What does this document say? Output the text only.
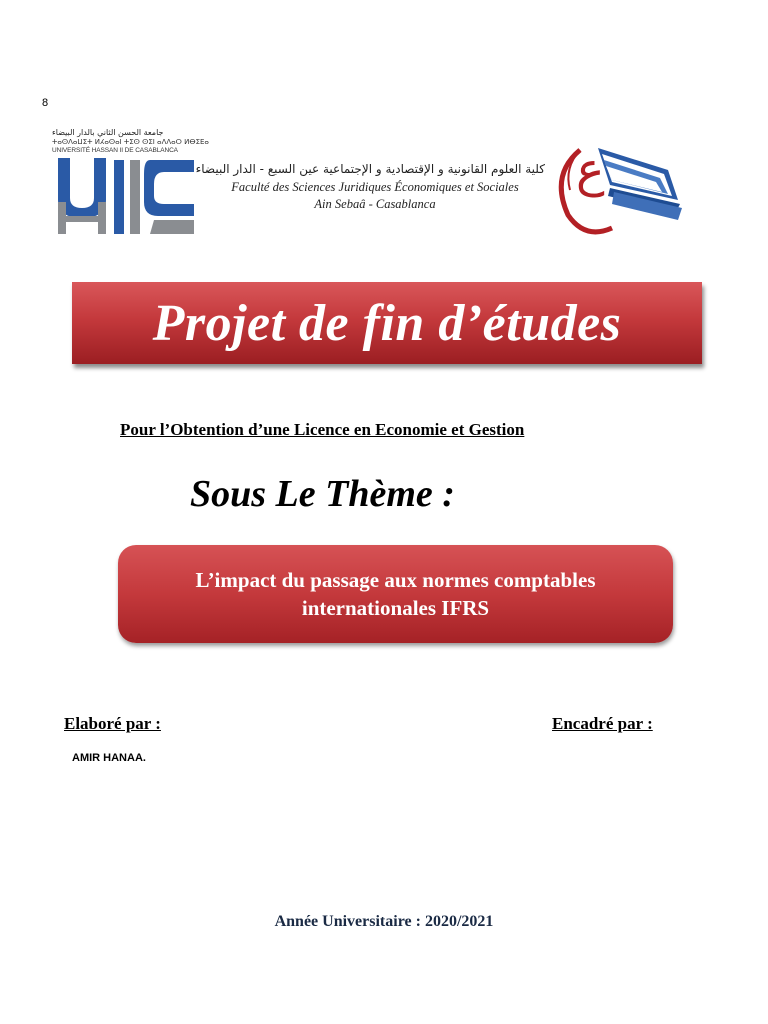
8
جامعة الحسن الثاني بالدار البيضاء
ⵜⴰⵙⴷⴰⵡⵉⵜ ⵍⵃⴰⵙⴰⵏ ⵜⵉⵙ ⵙⵉⵏ ⴰⴷⴷⴰⵔ ⵍⴱⵉⴹⴰ
UNIVERSITÉ HASSAN II DE CASABLANCA
كلية العلوم القانونية و الإقتصادية و الإجتماعية عين السبع - الدار البيضاء
Faculté des Sciences Juridiques Économiques et Sociales
Ain Sebaâ - Casablanca
ع
Projet de fin d’études
Pour l’Obtention d’une Licence en Economie et Gestion
Sous Le Thème :
L’impact du passage aux normes comptables internationales IFRS
Elaboré par :	Encadré par :
AMIR HANAA.
Année Universitaire : 2020/2021
